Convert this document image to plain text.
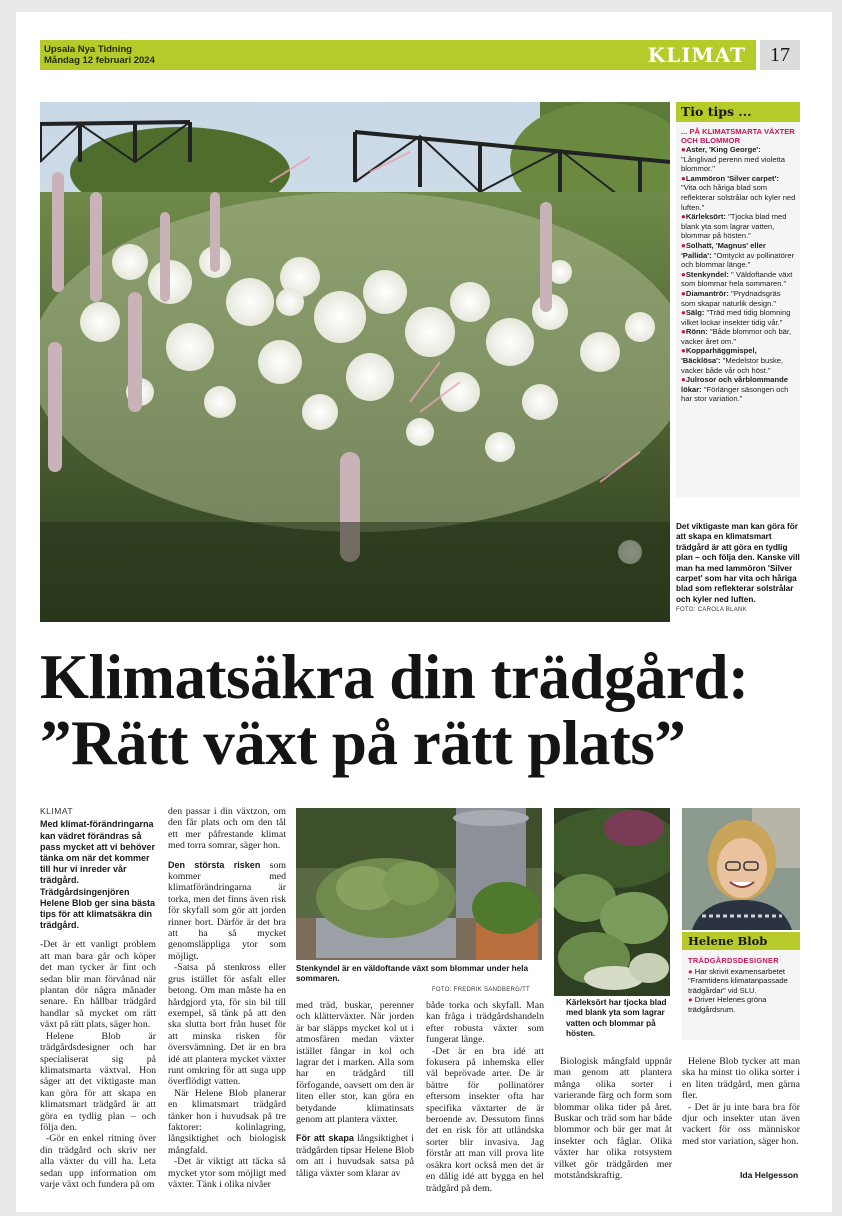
KLIMAT
Upsala Nya Tidning
Måndag 12 februari 2024	17
Tio tips ...
... PÅ KLIMATSMARTA VÄXTER OCH BLOMMOR
●Aster, 'King George': "Långlivad perenn med violetta blommor."
●Lammöron 'Silver carpet': "Vita och håriga blad som reflekterar solstrålar och kyler ned luften."
●Kärleksört: "Tjocka blad med blank yta som lagrar vatten, blommar på hösten."
●Solhatt, 'Magnus' eller 'Pallida': "Omtyckt av pollinatörer och blommar länge."
●Stenkyndel: " Väldoftande växt som blommar hela sommaren."
●Diamantrör: "Prydnadsgräs som skapar naturlik design."
●Sälg: "Träd med tidig blomning vilket lockar insekter tidig vår."
●Rönn: "Både blommor och bär, vacker året om."
●Kopparhäggmispel, 'Bäcklösa': "Medelstor buske, vacker både vår och höst."
●Julrosor och vårblommande lökar: "Förlänger säsongen och har stor variation."
Det viktigaste man kan göra för att skapa en klimatsmart trädgård är att göra en tydlig plan – och följa den. Kanske vill man ha med lammöron 'Silver carpet' som har vita och håriga blad som reflekterar solstrålar och kyler ned luften.
FOTO: CAROLA BLANK
Klimatsäkra din trädgård:
”Rätt växt på rätt plats”
KLIMAT
Med klimat-förändringarna kan vädret förändras så pass mycket att vi behöver tänka om när det kommer till hur vi inreder vår trädgård. Trädgårdsingenjören Helene Blob ger sina bästa tips för att klimatsäkra din trädgård.

-Det är ett vanligt problem att man bara går och köper det man tycker är fint och sedan blir man förvånad när plantan dör några månader senare. En hållbar trädgård handlar så mycket om rätt växt på rätt plats, säger hon.

Helene Blob är trädgårdsdesigner och har specialiserat sig på klimatsmarta växtval. Hon säger att det viktigaste man kan göra för att skapa en klimatsmart trädgård är att göra en tydlig plan – och följa den.

-Gör en enkel ritning över din trädgård och skriv ner alla växter du vill ha. Leta sedan upp information om varje växt och fundera på om

den passar i din växtzon, om den får plats och om den tål ett mer påfrestande klimat med torra somrar, säger hon.

Den största risken som kommer med klimatförändringarna är torka, men det finns även risk för skyfall som gör att jorden rinner bort. Därför är det bra att ha så mycket genomsläppliga ytor som möjligt.

-Satsa på stenkross eller grus istället för asfalt eller betong. Om man måste ha en hårdgjord yta, för sin bil till exempel, så tänk på att den ska slutta bort från huset för att minska risken för översvämning. Det är en bra idé att plantera mycket växter runt omkring för att suga upp överflödigt vatten.

När Helene Blob planerar en klimatsmart trädgård tänker hon i huvudsak på tre faktorer: kolinlagring, långsiktighet och biologisk mångfald.

-Det är viktigt att täcka så mycket ytor som möjligt med växter. Tänk i olika nivåer

Stenkyndel är en väldoftande växt som blommar under hela sommaren.
FOTO: FREDRIK SANDBERG/TT

med träd, buskar, perenner och klätterväxter. När jorden är bar släpps mycket kol ut i atmosfären medan växter istället fångar in kol och lagrar det i marken. Alla som har en trädgård till förfogande, oavsett om den är liten eller stor, kan göra en betydande klimatinsats genom att plantera växter.

För att skapa långsiktighet i trädgården tipsar Helene Blob om att i huvudsak satsa på tåliga växter som klarar av

både torka och skyfall. Man kan fråga i trädgårdshandeln efter robusta växter som fungerat länge.

-Det är en bra idé att fokusera på inhemska eller väl beprövade arter. De är bättre för pollinatörer eftersom insekter ofta har specifika växtarter de är beroende av. Dessutom finns det en risk för att utländska sorter blir invasiva. Jag förstår att man vill prova lite osäkra kort också men det är en dålig idé att bygga en hel trädgård på dem.

Kärleksört har tjocka blad med blank yta som lagrar vatten och blommar på hösten.

Biologisk mångfald uppnår man genom att plantera många olika sorter i varierande färg och form som blommar olika tider på året. Buskar och träd som har både blommor och bär ger mat åt insekter och fåglar. Olika växter har olika rotsystem vilket gör trädgården mer motståndskraftig.

Helene Blob
TRÄDGÅRDSDESIGNER
● Har skrivit examensarbetet "Framtidens klimatanpassade trädgårdar" vid SLU.
● Driver Helenes gröna trädgårdsrum.

Helene Blob tycker att man ska ha minst tio olika sorter i en liten trädgård, men gärna fler.

- Det är ju inte bara bra för djur och insekter utan även vackert för oss människor med stor variation, säger hon.

Ida Helgesson
